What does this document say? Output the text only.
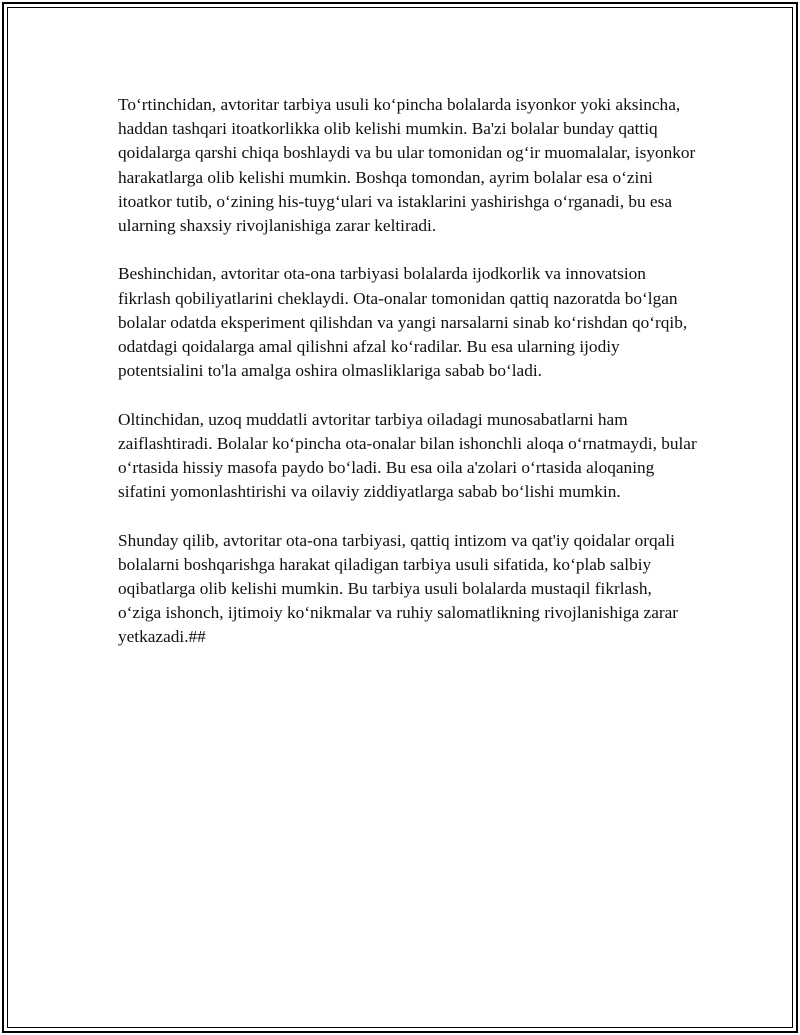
To‘rtinchidan, avtoritar tarbiya usuli ko‘pincha bolalarda isyonkor yoki aksincha, haddan tashqari itoatkorlikka olib kelishi mumkin. Ba'zi bolalar bunday qattiq qoidalarga qarshi chiqa boshlaydi va bu ular tomonidan og‘ir muomalalar, isyonkor harakatlarga olib kelishi mumkin. Boshqa tomondan, ayrim bolalar esa o‘zini itoatkor tutib, o‘zining his-tuyg‘ulari va istaklarini yashirishga o‘rganadi, bu esa ularning shaxsiy rivojlanishiga zarar keltiradi.

Beshinchidan, avtoritar ota-ona tarbiyasi bolalarda ijodkorlik va innovatsion fikrlash qobiliyatlarini cheklaydi. Ota-onalar tomonidan qattiq nazoratda bo‘lgan bolalar odatda eksperiment qilishdan va yangi narsalarni sinab ko‘rishdan qo‘rqib, odatdagi qoidalarga amal qilishni afzal ko‘radilar. Bu esa ularning ijodiy potentsialini to'la amalga oshira olmasliklariga sabab bo‘ladi.

Oltinchidan, uzoq muddatli avtoritar tarbiya oiladagi munosabatlarni ham zaiflashtiradi. Bolalar ko‘pincha ota-onalar bilan ishonchli aloqa o‘rnatmaydi, bular o‘rtasida hissiy masofa paydo bo‘ladi. Bu esa oila a'zolari o‘rtasida aloqaning sifatini yomonlashtirishi va oilaviy ziddiyatlarga sabab bo‘lishi mumkin.

Shunday qilib, avtoritar ota-ona tarbiyasi, qattiq intizom va qat'iy qoidalar orqali bolalarni boshqarishga harakat qiladigan tarbiya usuli sifatida, ko‘plab salbiy oqibatlarga olib kelishi mumkin. Bu tarbiya usuli bolalarda mustaqil fikrlash, o‘ziga ishonch, ijtimoiy ko‘nikmalar va ruhiy salomatlikning rivojlanishiga zarar yetkazadi.##
